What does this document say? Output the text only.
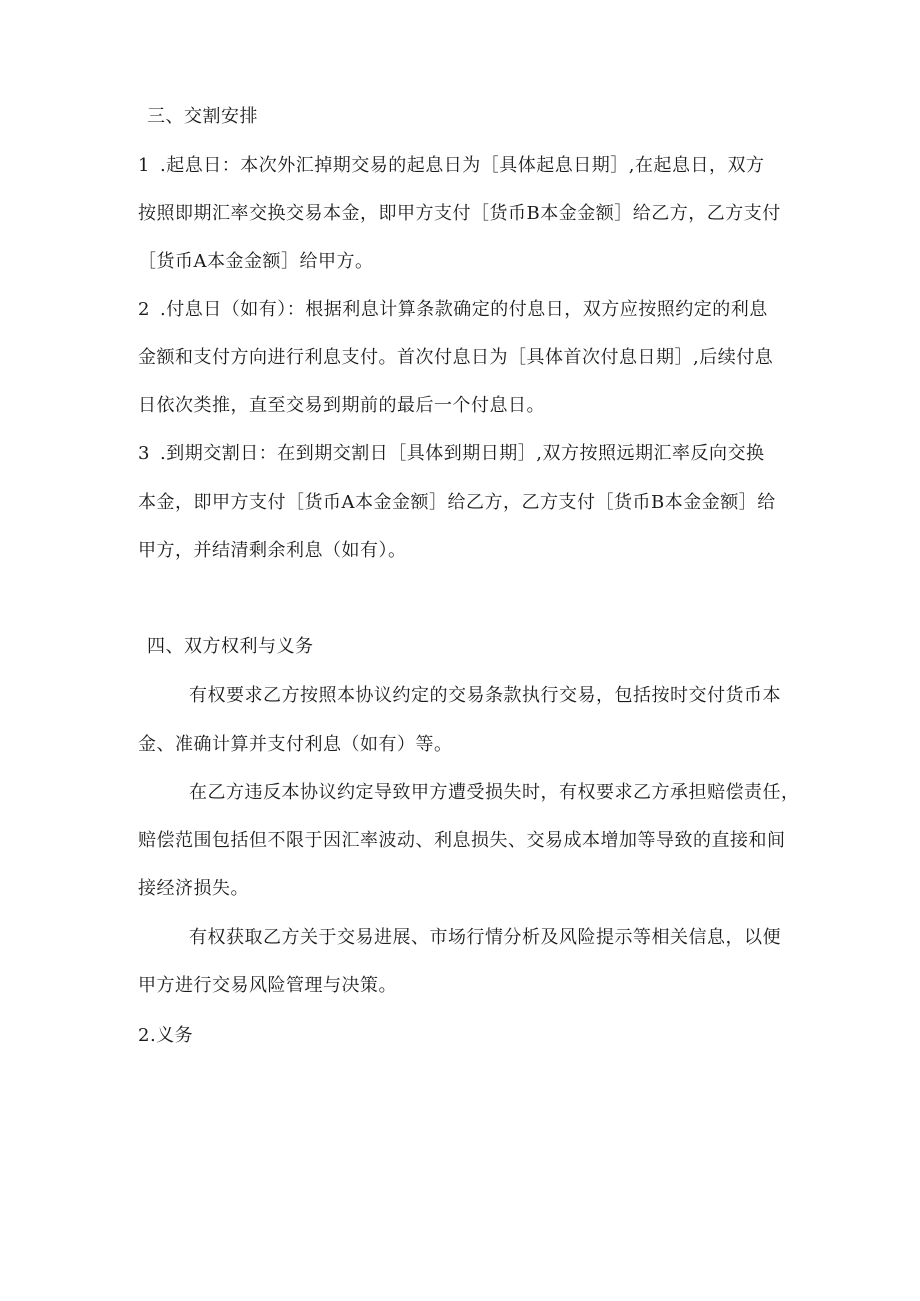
三、交割安排
1 .起息日：本次外汇掉期交易的起息日为［具体起息日期］,在起息日，双方
按照即期汇率交换交易本金，即甲方支付［货币B本金金额］给乙方，乙方支付
［货币A本金金额］给甲方。
2 .付息日（如有）：根据利息计算条款确定的付息日，双方应按照约定的利息
金额和支付方向进行利息支付。首次付息日为［具体首次付息日期］,后续付息
日依次类推，直至交易到期前的最后一个付息日。
3 .到期交割日：在到期交割日［具体到期日期］,双方按照远期汇率反向交换
本金，即甲方支付［货币A本金金额］给乙方，乙方支付［货币B本金金额］给
甲方，并结清剩余利息（如有）。
四、双方权利与义务
有权要求乙方按照本协议约定的交易条款执行交易，包括按时交付货币本
金、准确计算并支付利息（如有）等。
在乙方违反本协议约定导致甲方遭受损失时，有权要求乙方承担赔偿责任，
赔偿范围包括但不限于因汇率波动、利息损失、交易成本增加等导致的直接和间
接经济损失。
有权获取乙方关于交易进展、市场行情分析及风险提示等相关信息，以便
甲方进行交易风险管理与决策。
2.义务
